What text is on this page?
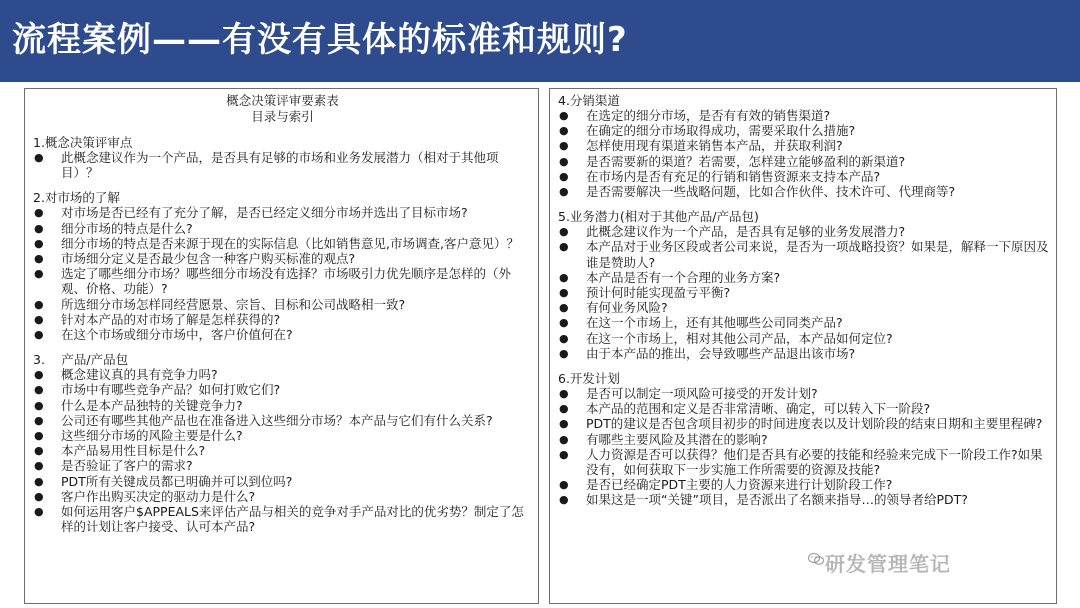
流程案例——有没有具体的标准和规则?
概念决策评审要素表
目录与索引
1.概念决策评审点
● 此概念建议作为一个产品，是否具有足够的市场和业务发展潜力（相对于其他项目）？
2.对市场的了解
● 对市场是否已经有了充分了解，是否已经定义细分市场并选出了目标市场?
● 细分市场的特点是什么?
● 细分市场的特点是否来源于现在的实际信息（比如销售意见,市场调查,客户意见）？
● 市场细分定义是否最少包含一种客户购买标准的观点?
● 选定了哪些细分市场？哪些细分市场没有选择？市场吸引力优先顺序是怎样的（外观、价格、功能）?
● 所选细分市场怎样同经营愿景、宗旨、目标和公司战略相一致?
● 针对本产品的对市场了解是怎样获得的?
● 在这个市场或细分市场中，客户价值何在?
3.　 产品/产品包
● 概念建议真的具有竞争力吗?
● 市场中有哪些竞争产品？如何打败它们?
● 什么是本产品独特的关键竞争力?
● 公司还有哪些其他产品也在准备进入这些细分市场？本产品与它们有什么关系?
● 这些细分市场的风险主要是什么?
● 本产品易用性目标是什么?
● 是否验证了客户的需求?
● PDT所有关键成员都已明确并可以到位吗?
● 客户作出购买决定的驱动力是什么?
● 如何运用客户$APPEALS来评估产品与相关的竞争对手产品对比的优劣势？制定了怎样的计划让客户接受、认可本产品?
4.分销渠道
● 在选定的细分市场，是否有有效的销售渠道?
● 在确定的细分市场取得成功，需要采取什么措施?
● 怎样使用现有渠道来销售本产品，并获取利润?
● 是否需要新的渠道？若需要，怎样建立能够盈利的新渠道?
● 在市场内是否有充足的行销和销售资源来支持本产品?
● 是否需要解决一些战略问题，比如合作伙伴、技术许可、代理商等?
5.业务潜力(相对于其他产品/产品包)
● 此概念建议作为一个产品，是否具有足够的业务发展潜力?
● 本产品对于业务区段或者公司来说，是否为一项战略投资？如果是，解释一下原因及谁是赞助人?
● 本产品是否有一个合理的业务方案?
● 预计何时能实现盈亏平衡?
● 有何业务风险?
● 在这一个市场上，还有其他哪些公司同类产品?
● 在这一个市场上，相对其他公司产品，本产品如何定位?
● 由于本产品的推出，会导致哪些产品退出该市场?
6.开发计划
● 是否可以制定一项风险可接受的开发计划?
● 本产品的范围和定义是否非常清晰、确定，可以转入下一阶段?
● PDT的建议是否包含项目初步的时间进度表以及计划阶段的结束日期和主要里程碑?
● 有哪些主要风险及其潜在的影响?
● 人力资源是否可以获得？他们是否具有必要的技能和经验来完成下一阶段工作?如果没有，如何获取下一步实施工作所需要的资源及技能?
● 是否已经确定PDT主要的人力资源来进行计划阶段工作?
● 如果这是一项“关键”项目，是否派出了名额来指导…的领导者给PDT?
研发管理笔记
